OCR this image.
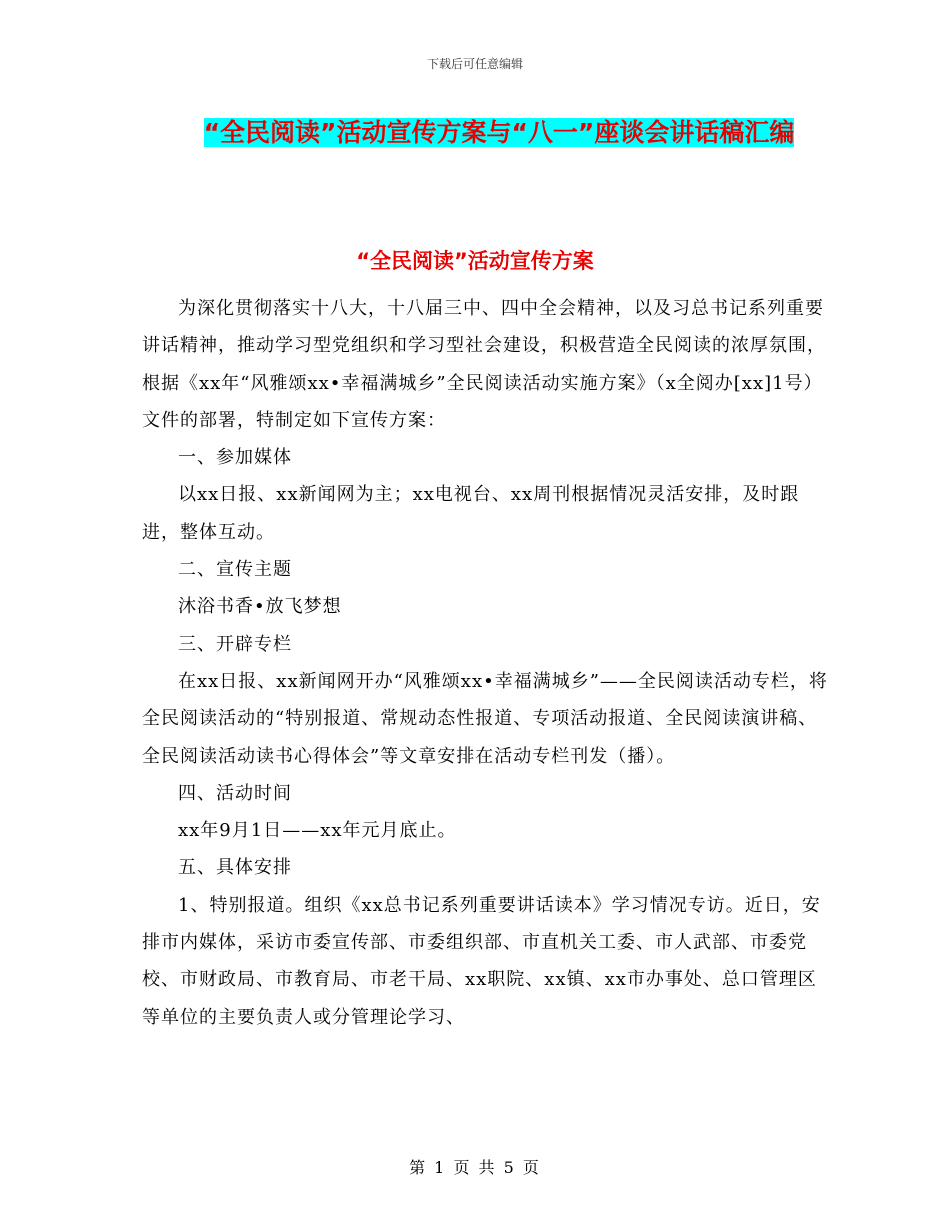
下载后可任意编辑
“全民阅读”活动宣传方案与“八一”座谈会讲话稿汇编
“全民阅读”活动宣传方案

为深化贯彻落实十八大，十八届三中、四中全会精神，以及习总书记系列重要讲话精神，推动学习型党组织和学习型社会建设，积极营造全民阅读的浓厚氛围，根据《xx年“风雅颂xx•幸福满城乡”全民阅读活动实施方案》（x全阅办[xx]1号）文件的部署，特制定如下宣传方案：

一、参加媒体

以xx日报、xx新闻网为主；xx电视台、xx周刊根据情况灵活安排，及时跟进，整体互动。

二、宣传主题

沐浴书香•放飞梦想

三、开辟专栏

在xx日报、xx新闻网开办“风雅颂xx•幸福满城乡”——全民阅读活动专栏，将全民阅读活动的“特别报道、常规动态性报道、专项活动报道、全民阅读演讲稿、全民阅读活动读书心得体会”等文章安排在活动专栏刊发（播）。

四、活动时间

xx年9月1日——xx年元月底止。

五、具体安排

1、特别报道。组织《xx总书记系列重要讲话读本》学习情况专访。近日，安排市内媒体，采访市委宣传部、市委组织部、市直机关工委、市人武部、市委党校、市财政局、市教育局、市老干局、xx职院、xx镇、xx市办事处、总口管理区等单位的主要负责人或分管理论学习、

第 1 页 共 5 页
